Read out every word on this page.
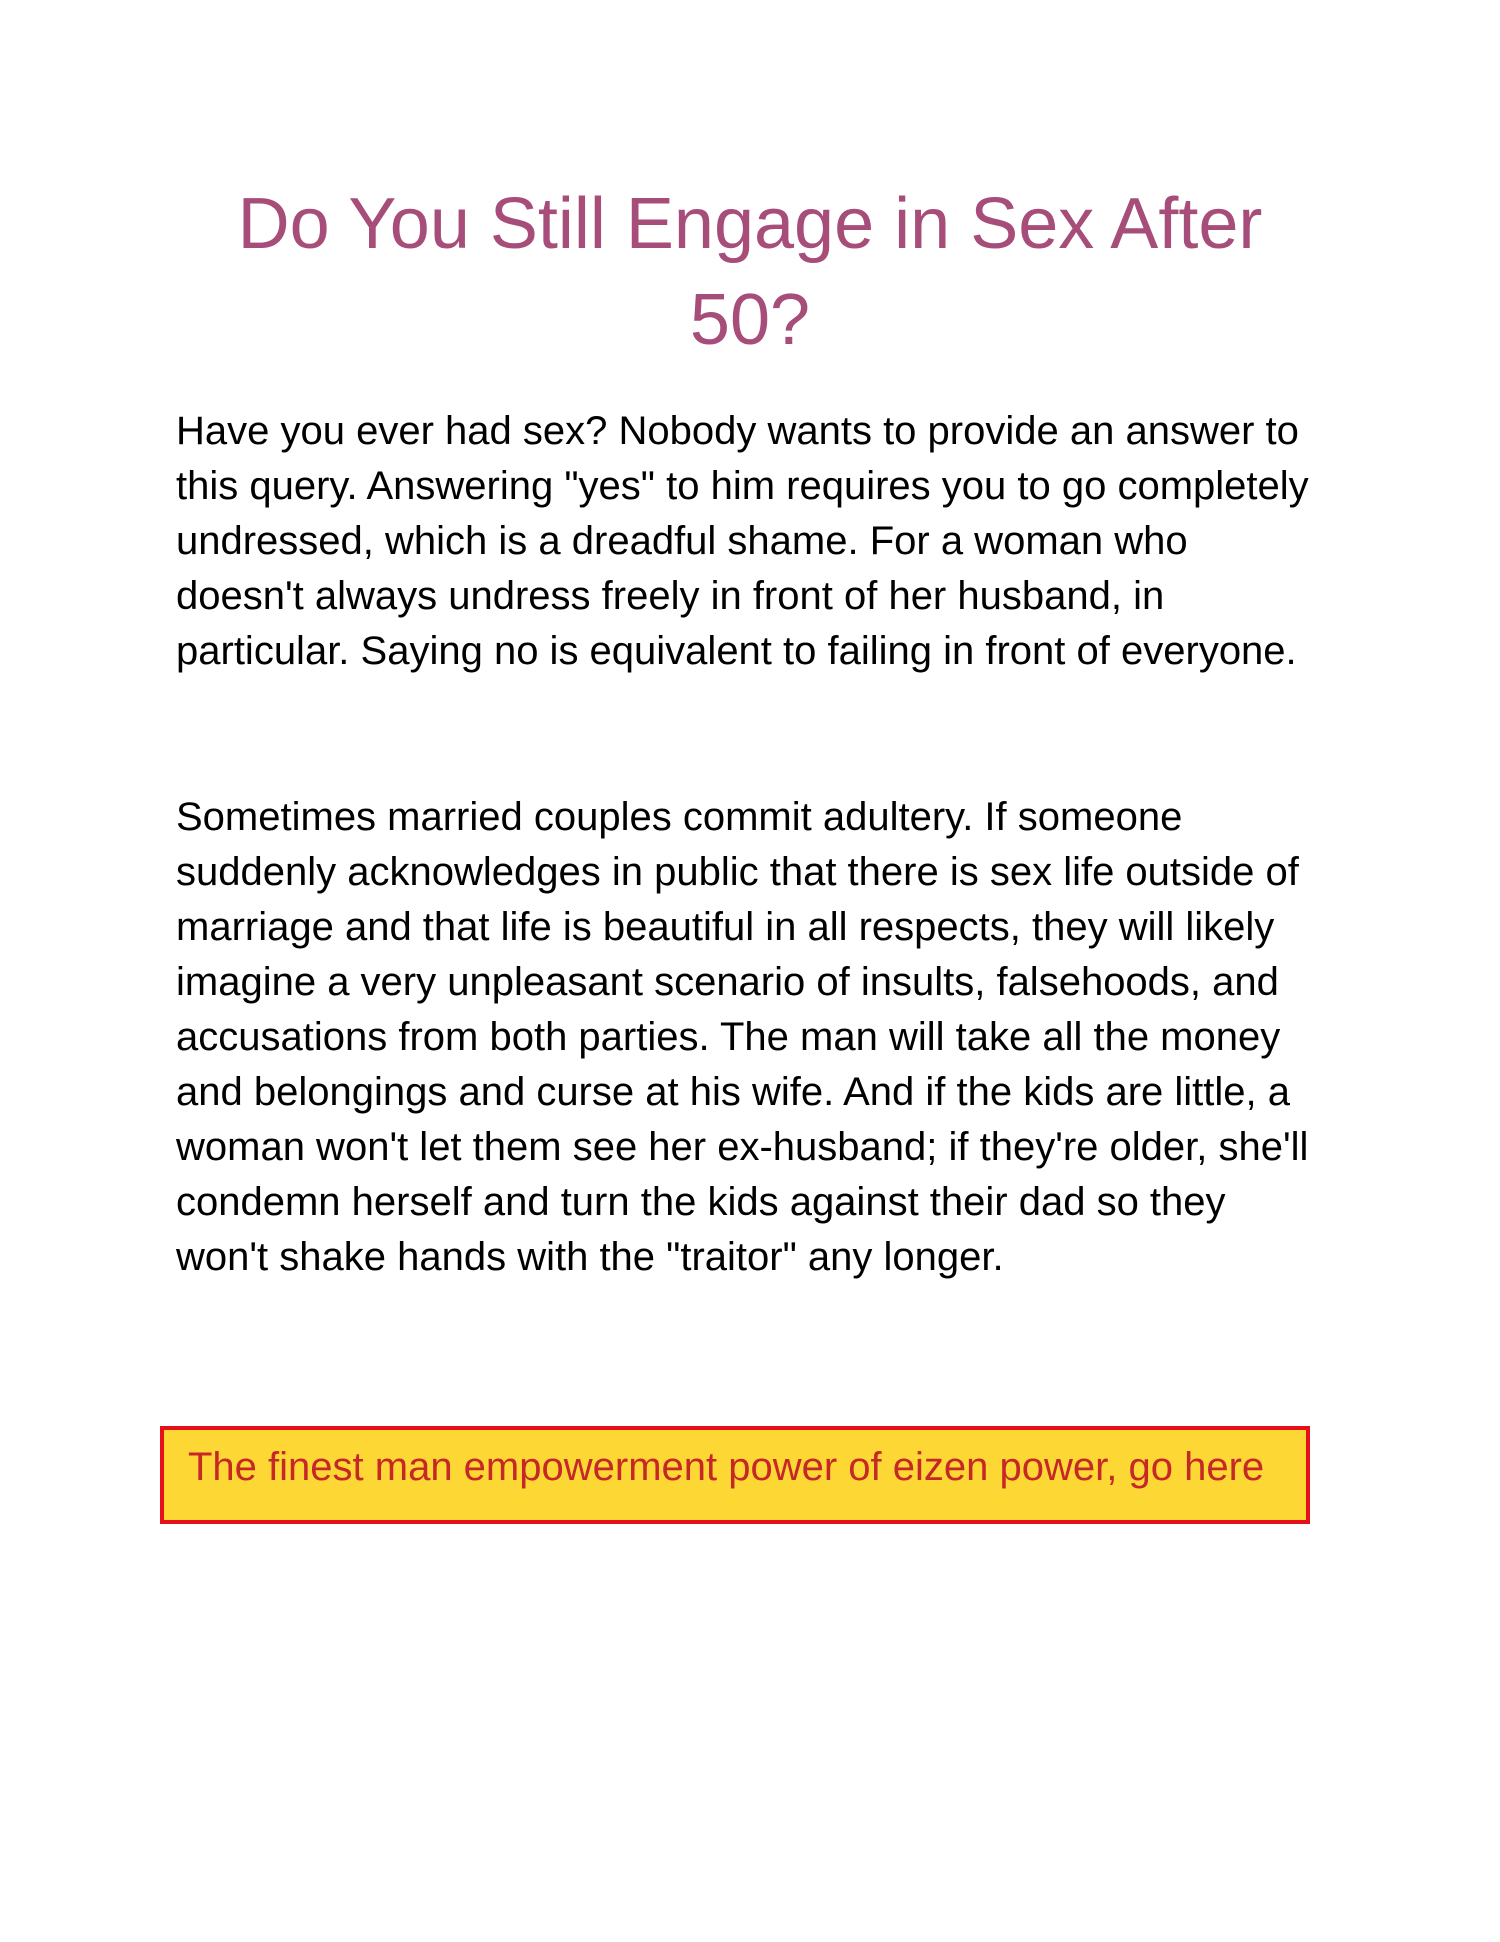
Do You Still Engage in Sex After 50?

Have you ever had sex? Nobody wants to provide an answer to this query. Answering "yes" to him requires you to go completely undressed, which is a dreadful shame. For a woman who doesn't always undress freely in front of her husband, in particular. Saying no is equivalent to failing in front of everyone.

Sometimes married couples commit adultery. If someone suddenly acknowledges in public that there is sex life outside of marriage and that life is beautiful in all respects, they will likely imagine a very unpleasant scenario of insults, falsehoods, and accusations from both parties. The man will take all the money and belongings and curse at his wife. And if the kids are little, a woman won't let them see her ex-husband; if they're older, she'll condemn herself and turn the kids against their dad so they won't shake hands with the "traitor" any longer.

The finest man empowerment power of eizen power, go here
